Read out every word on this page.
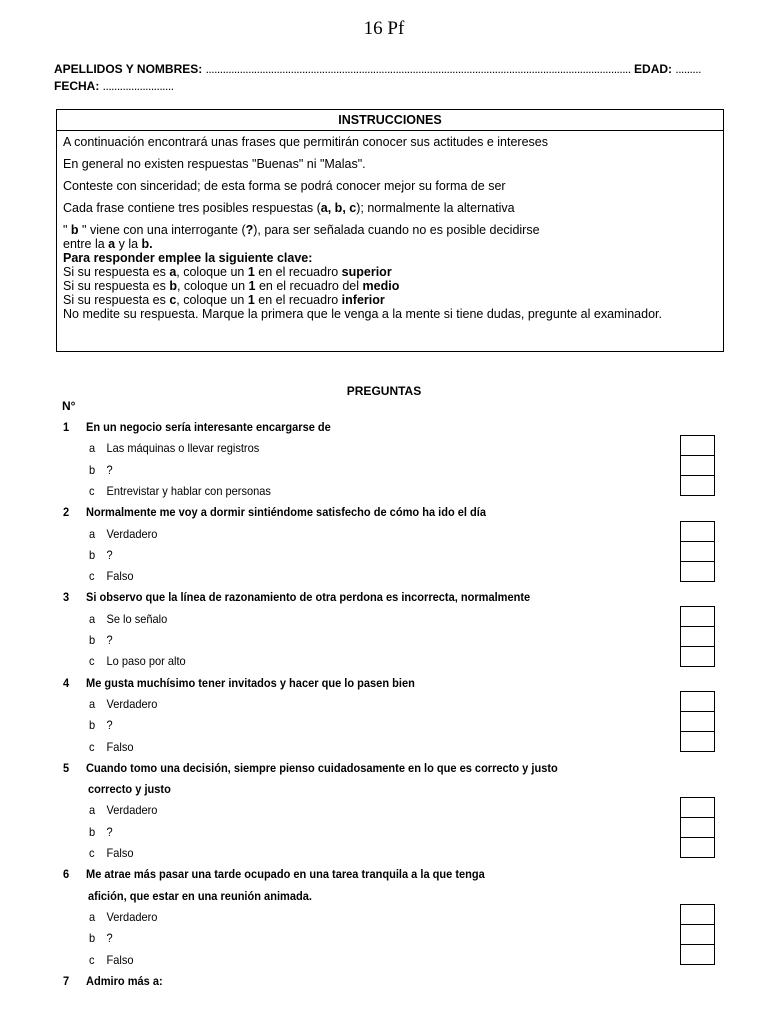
16 Pf
APELLIDOS Y NOMBRES: ...................................................................................................................................................... EDAD: .........
FECHA: .........................
INSTRUCCIONES
A continuación encontrará unas frases que permitirán conocer sus actitudes e intereses
En general no existen respuestas "Buenas" ni "Malas".
Conteste con sinceridad; de esta forma se podrá conocer mejor su forma de ser
Cada frase contiene tres posibles respuestas (a, b, c); normalmente la alternativa
" b " viene con una interrogante (?), para ser señalada cuando no es posible decidirse
entre la a y la b.
Para responder emplee la siguiente clave:
Si su respuesta es a, coloque un 1 en el recuadro superior
Si su respuesta es b, coloque un 1 en el recuadro del medio
Si su respuesta es c, coloque un 1 en el recuadro inferior
No medite su respuesta. Marque la primera que le venga a la mente si tiene dudas, pregunte al examinador.
PREGUNTAS
N°
1 En un negocio sería interesante encargarse de
a Las máquinas o llevar registros
b ?
c Entrevistar y hablar con personas
2 Normalmente me voy a dormir sintiéndome satisfecho de cómo ha ido el día
a Verdadero
b ?
c Falso
3 Si observo que la línea de razonamiento de otra perdona es incorrecta, normalmente
a Se lo señalo
b ?
c Lo paso por alto
4 Me gusta muchísimo tener invitados y hacer que lo pasen bien
a Verdadero
b ?
c Falso
5 Cuando tomo una decisión, siempre pienso cuidadosamente en lo que es correcto y justo
correcto y justo
a Verdadero
b ?
c Falso
6 Me atrae más pasar una tarde ocupado en una tarea tranquila a la que tenga
afición, que estar en una reunión animada.
a Verdadero
b ?
c Falso
7 Admiro más a:
